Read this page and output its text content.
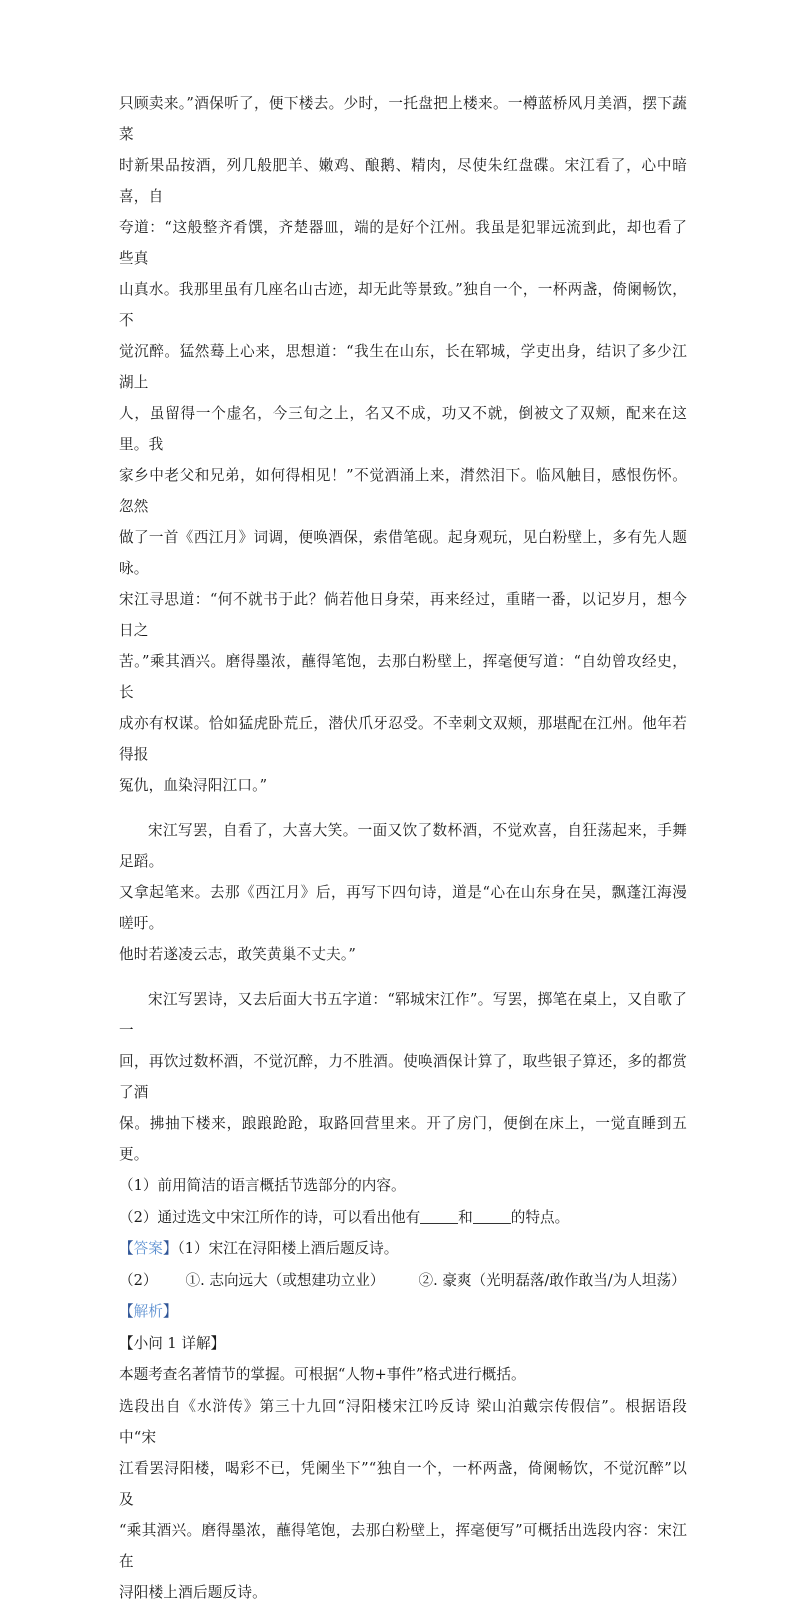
只顾卖来。”酒保听了，便下楼去。少时，一托盘把上楼来。一樽蓝桥风月美酒，摆下蔬菜

时新果品按酒，列几般肥羊、嫩鸡、酿鹅、精肉，尽使朱红盘碟。宋江看了，心中暗喜，自

夸道：“这般整齐肴馔，齐楚器皿，端的是好个江州。我虽是犯罪远流到此，却也看了些真

山真水。我那里虽有几座名山古迹，却无此等景致。”独自一个，一杯两盏，倚阑畅饮，不

觉沉醉。猛然蓦上心来，思想道：“我生在山东，长在郓城，学吏出身，结识了多少江湖上

人，虽留得一个虚名，今三旬之上，名又不成，功又不就，倒被文了双颊，配来在这里。我

家乡中老父和兄弟，如何得相见！”不觉酒涌上来，潸然泪下。临风触目，感恨伤怀。忽然

做了一首《西江月》词调，便唤酒保，索借笔砚。起身观玩，见白粉壁上，多有先人题咏。

宋江寻思道：“何不就书于此？倘若他日身荣，再来经过，重睹一番，以记岁月，想今日之

苦。”乘其酒兴。磨得墨浓，蘸得笔饱，去那白粉壁上，挥毫便写道：“自幼曾攻经史，长

成亦有权谋。恰如猛虎卧荒丘，潜伏爪牙忍受。不幸刺文双颊，那堪配在江州。他年若得报

冤仇，血染浔阳江口。”

宋江写罢，自看了，大喜大笑。一面又饮了数杯酒，不觉欢喜，自狂荡起来，手舞足蹈。

又拿起笔来。去那《西江月》后，再写下四句诗，道是“心在山东身在吴，飘蓬江海漫嗟吁。

他时若遂凌云志，敢笑黄巢不丈夫。”

宋江写罢诗，又去后面大书五字道：“郓城宋江作”。写罢，掷笔在桌上，又自歌了一

回，再饮过数杯酒，不觉沉醉，力不胜酒。使唤酒保计算了，取些银子算还，多的都赏了酒

保。拂抽下楼来，踉踉跄跄，取路回营里来。开了房门，便倒在床上，一觉直睡到五更。

（1）前用简洁的语言概括节选部分的内容。

（2）通过选文中宋江所作的诗，可以看出他有	和	的特点。

【答案】（1）宋江在浔阳楼上酒后题反诗。

（2） ①. 志向远大（或想建功立业） ②. 豪爽（光明磊落/敢作敢当/为人坦荡）

【解析】

【小问 1 详解】

本题考查名著情节的掌握。可根据“人物+事件”格式进行概括。

选段出自《水浒传》第三十九回“浔阳楼宋江吟反诗 梁山泊戴宗传假信”。根据语段中“宋

江看罢浔阳楼，喝彩不已，凭阑坐下”“独自一个，一杯两盏，倚阑畅饮，不觉沉醉”以及

“乘其酒兴。磨得墨浓，蘸得笔饱，去那白粉壁上，挥毫便写”可概括出选段内容：宋江在

浔阳楼上酒后题反诗。
